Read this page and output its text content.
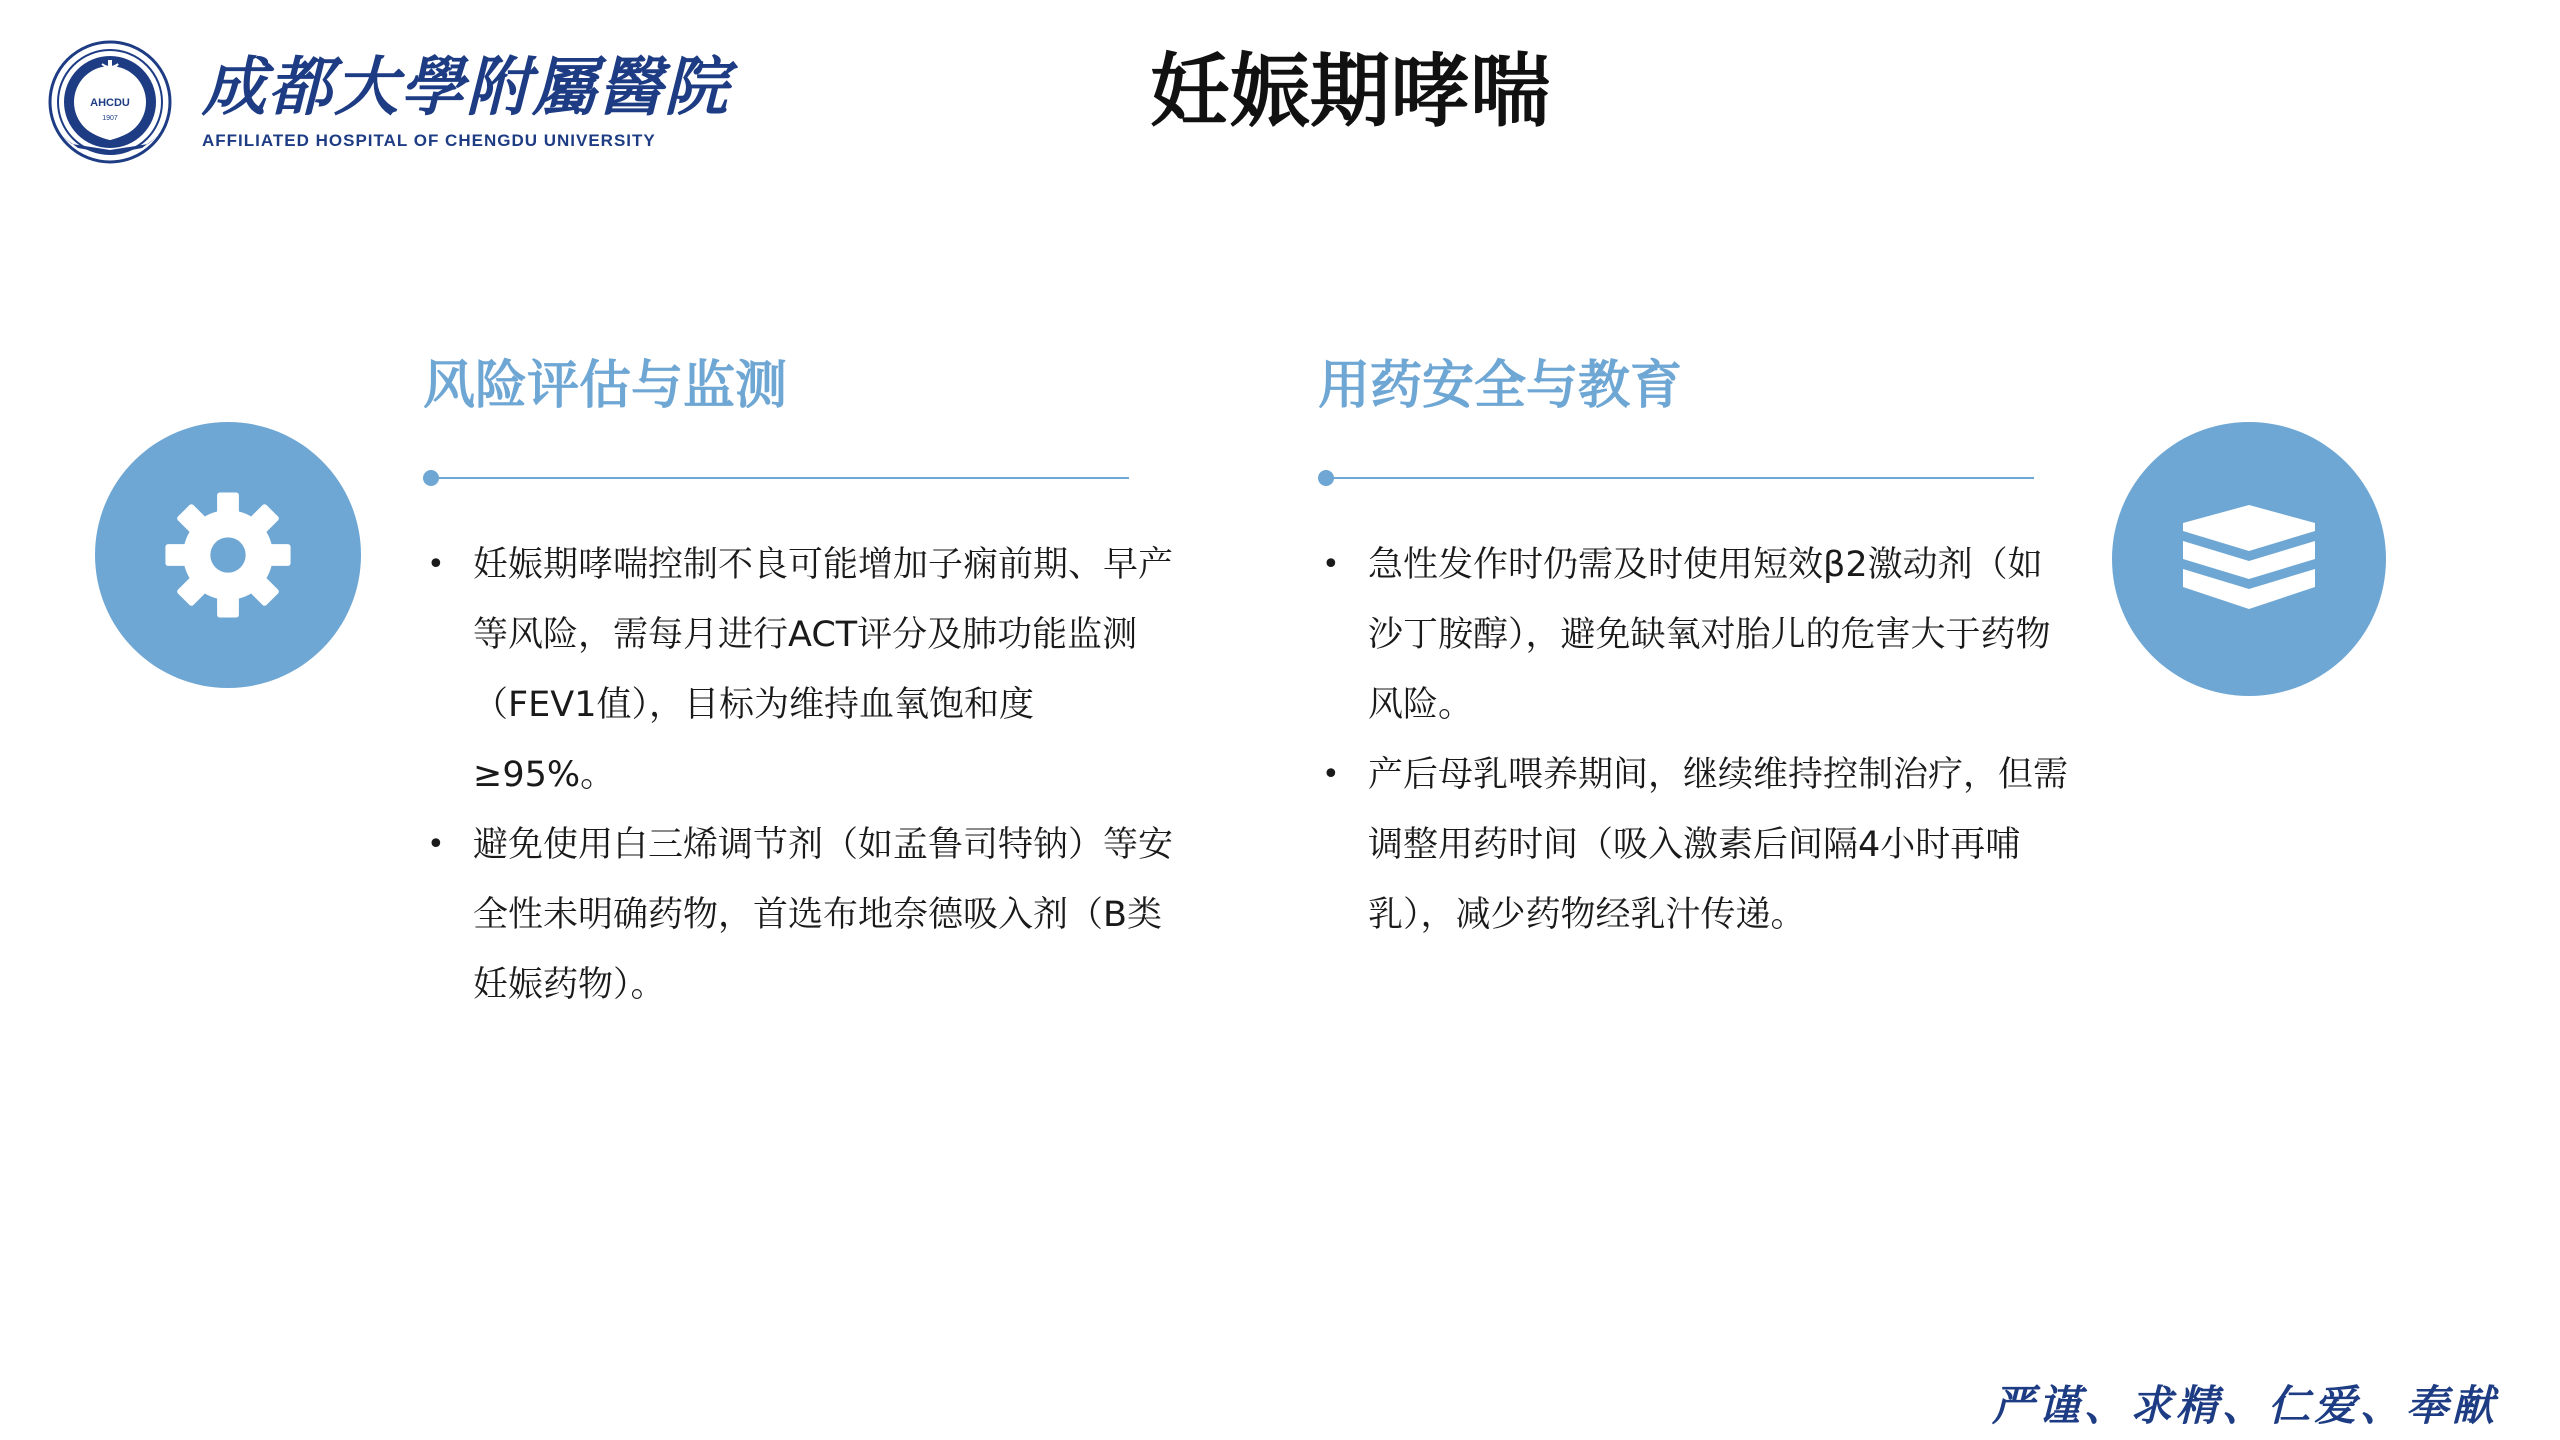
AHCDU
1907 成都大學附屬醫院
AFFILIATED HOSPITAL OF CHENGDU UNIVERSITY
妊娠期哮喘
风险评估与监测
• 妊娠期哮喘控制不良可能增加子痫前期、早产等风险，需每月进行ACT评分及肺功能监测（FEV1值），目标为维持血氧饱和度≥95%。
• 避免使用白三烯调节剂（如孟鲁司特钠）等安全性未明确药物，首选布地奈德吸入剂（B类妊娠药物）。
用药安全与教育
• 急性发作时仍需及时使用短效β2激动剂（如沙丁胺醇），避免缺氧对胎儿的危害大于药物风险。
• 产后母乳喂养期间，继续维持控制治疗，但需调整用药时间（吸入激素后间隔4小时再哺乳），减少药物经乳汁传递。
严谨、求精、仁爱、奉献
